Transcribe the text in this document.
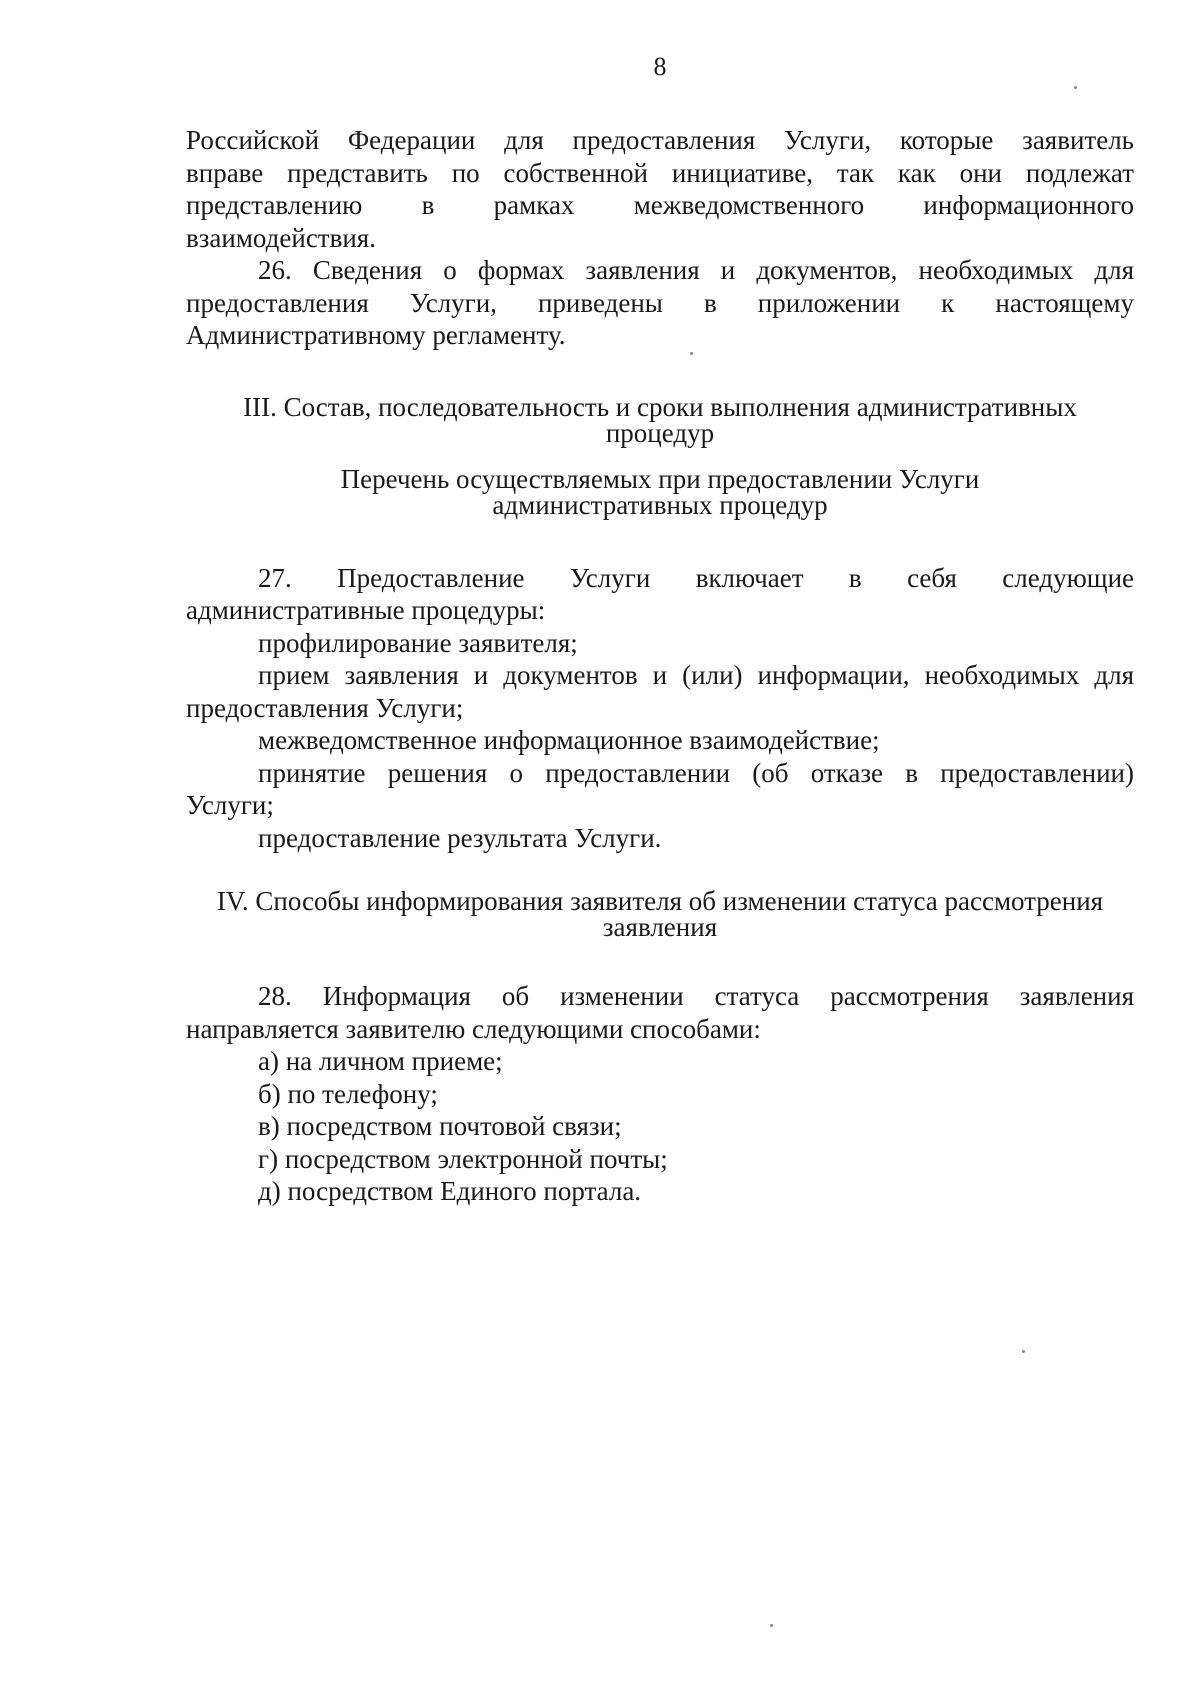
8
Российской Федерации для предоставления Услуги, которые заявитель
вправе представить по собственной инициативе, так как они подлежат
представлению в рамках межведомственного информационного
взаимодействия.
26. Сведения о формах заявления и документов, необходимых для
предоставления Услуги, приведены в приложении к настоящему
Административному регламенту.
III. Состав, последовательность и сроки выполнения административных
процедур
Перечень осуществляемых при предоставлении Услуги
административных процедур
27. Предоставление Услуги включает в себя следующие
административные процедуры:
профилирование заявителя;
прием заявления и документов и (или) информации, необходимых для
предоставления Услуги;
межведомственное информационное взаимодействие;
принятие решения о предоставлении (об отказе в предоставлении)
Услуги;
предоставление результата Услуги.
IV. Способы информирования заявителя об изменении статуса рассмотрения
заявления
28. Информация об изменении статуса рассмотрения заявления
направляется заявителю следующими способами:
а) на личном приеме;
б) по телефону;
в) посредством почтовой связи;
г) посредством электронной почты;
д) посредством Единого портала.
